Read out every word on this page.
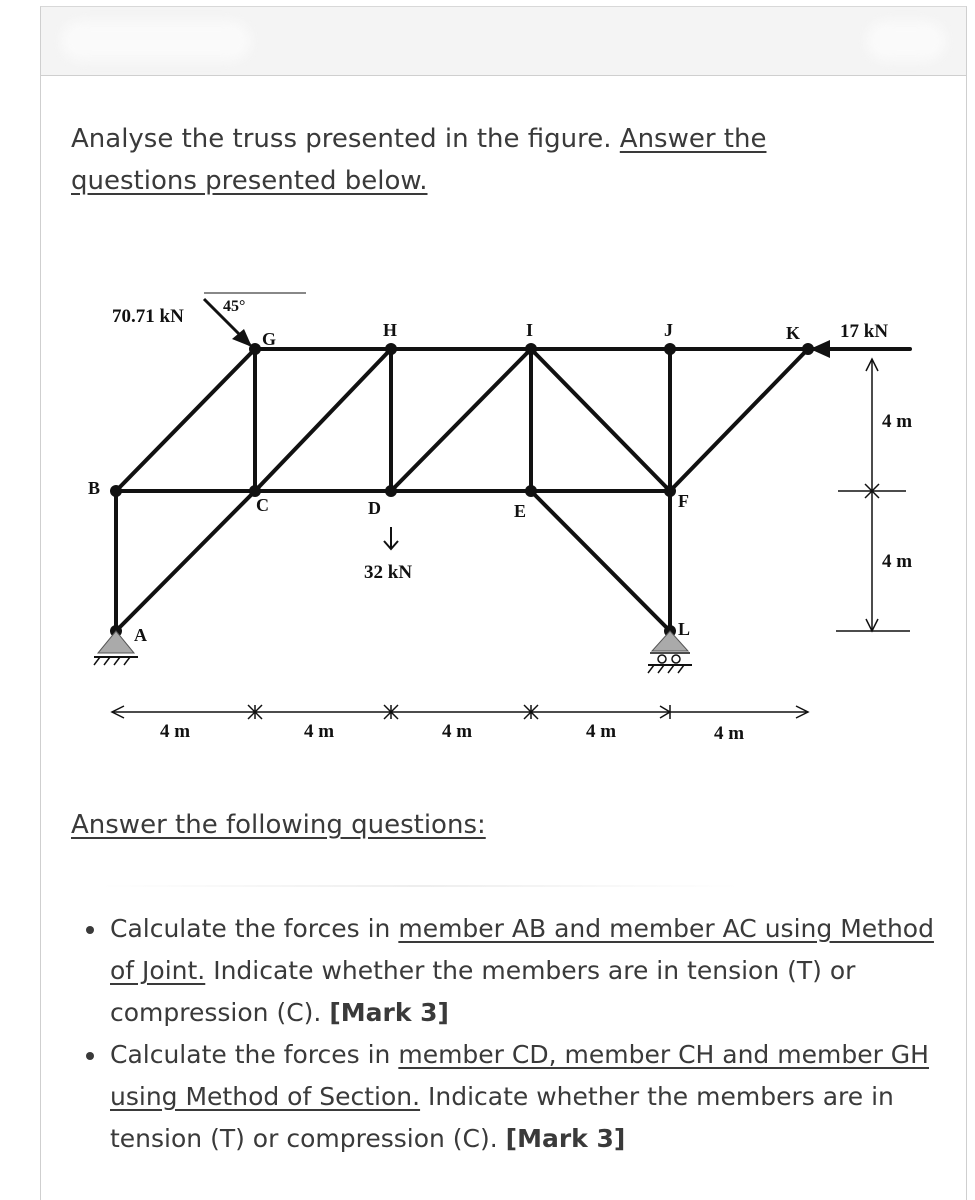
Analyse the truss presented in the figure. Answer the questions presented below.
70.71 kN 45°
17 kN
32 kN
B
A
C	D	E	F
G	H	I	J	K
L
4 m	4 m	4 m	4 m	4 m
4 m
4 m
Answer the following questions:
• Calculate the forces in member AB and member AC using Method of Joint. Indicate whether the members are in tension (T) or compression (C). [Mark 3]
• Calculate the forces in member CD, member CH and member GH using Method of Section. Indicate whether the members are in tension (T) or compression (C). [Mark 3]
